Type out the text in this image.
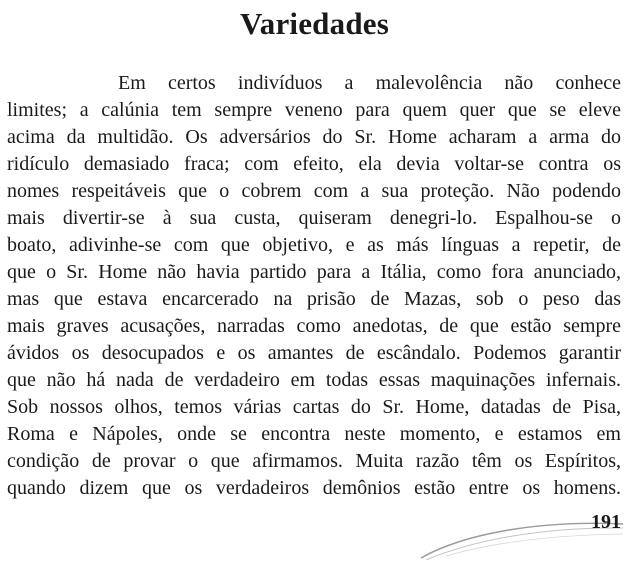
Variedades
Em certos indivíduos a malevolência não conhece
limites; a calúnia tem sempre veneno para quem quer que se eleve
acima da multidão. Os adversários do Sr. Home acharam a arma do
ridículo demasiado fraca; com efeito, ela devia voltar-se contra os
nomes respeitáveis que o cobrem com a sua proteção. Não podendo
mais divertir-se à sua custa, quiseram denegri-lo. Espalhou-se o
boato, adivinhe-se com que objetivo, e as más línguas a repetir, de
que o Sr. Home não havia partido para a Itália, como fora anunciado,
mas que estava encarcerado na prisão de Mazas, sob o peso das
mais graves acusações, narradas como anedotas, de que estão sempre
ávidos os desocupados e os amantes de escândalo. Podemos garantir
que não há nada de verdadeiro em todas essas maquinações infernais.
Sob nossos olhos, temos várias cartas do Sr. Home, datadas de Pisa,
Roma e Nápoles, onde se encontra neste momento, e estamos em
condição de provar o que afirmamos. Muita razão têm os Espíritos,
quando dizem que os verdadeiros demônios estão entre os homens.
191
